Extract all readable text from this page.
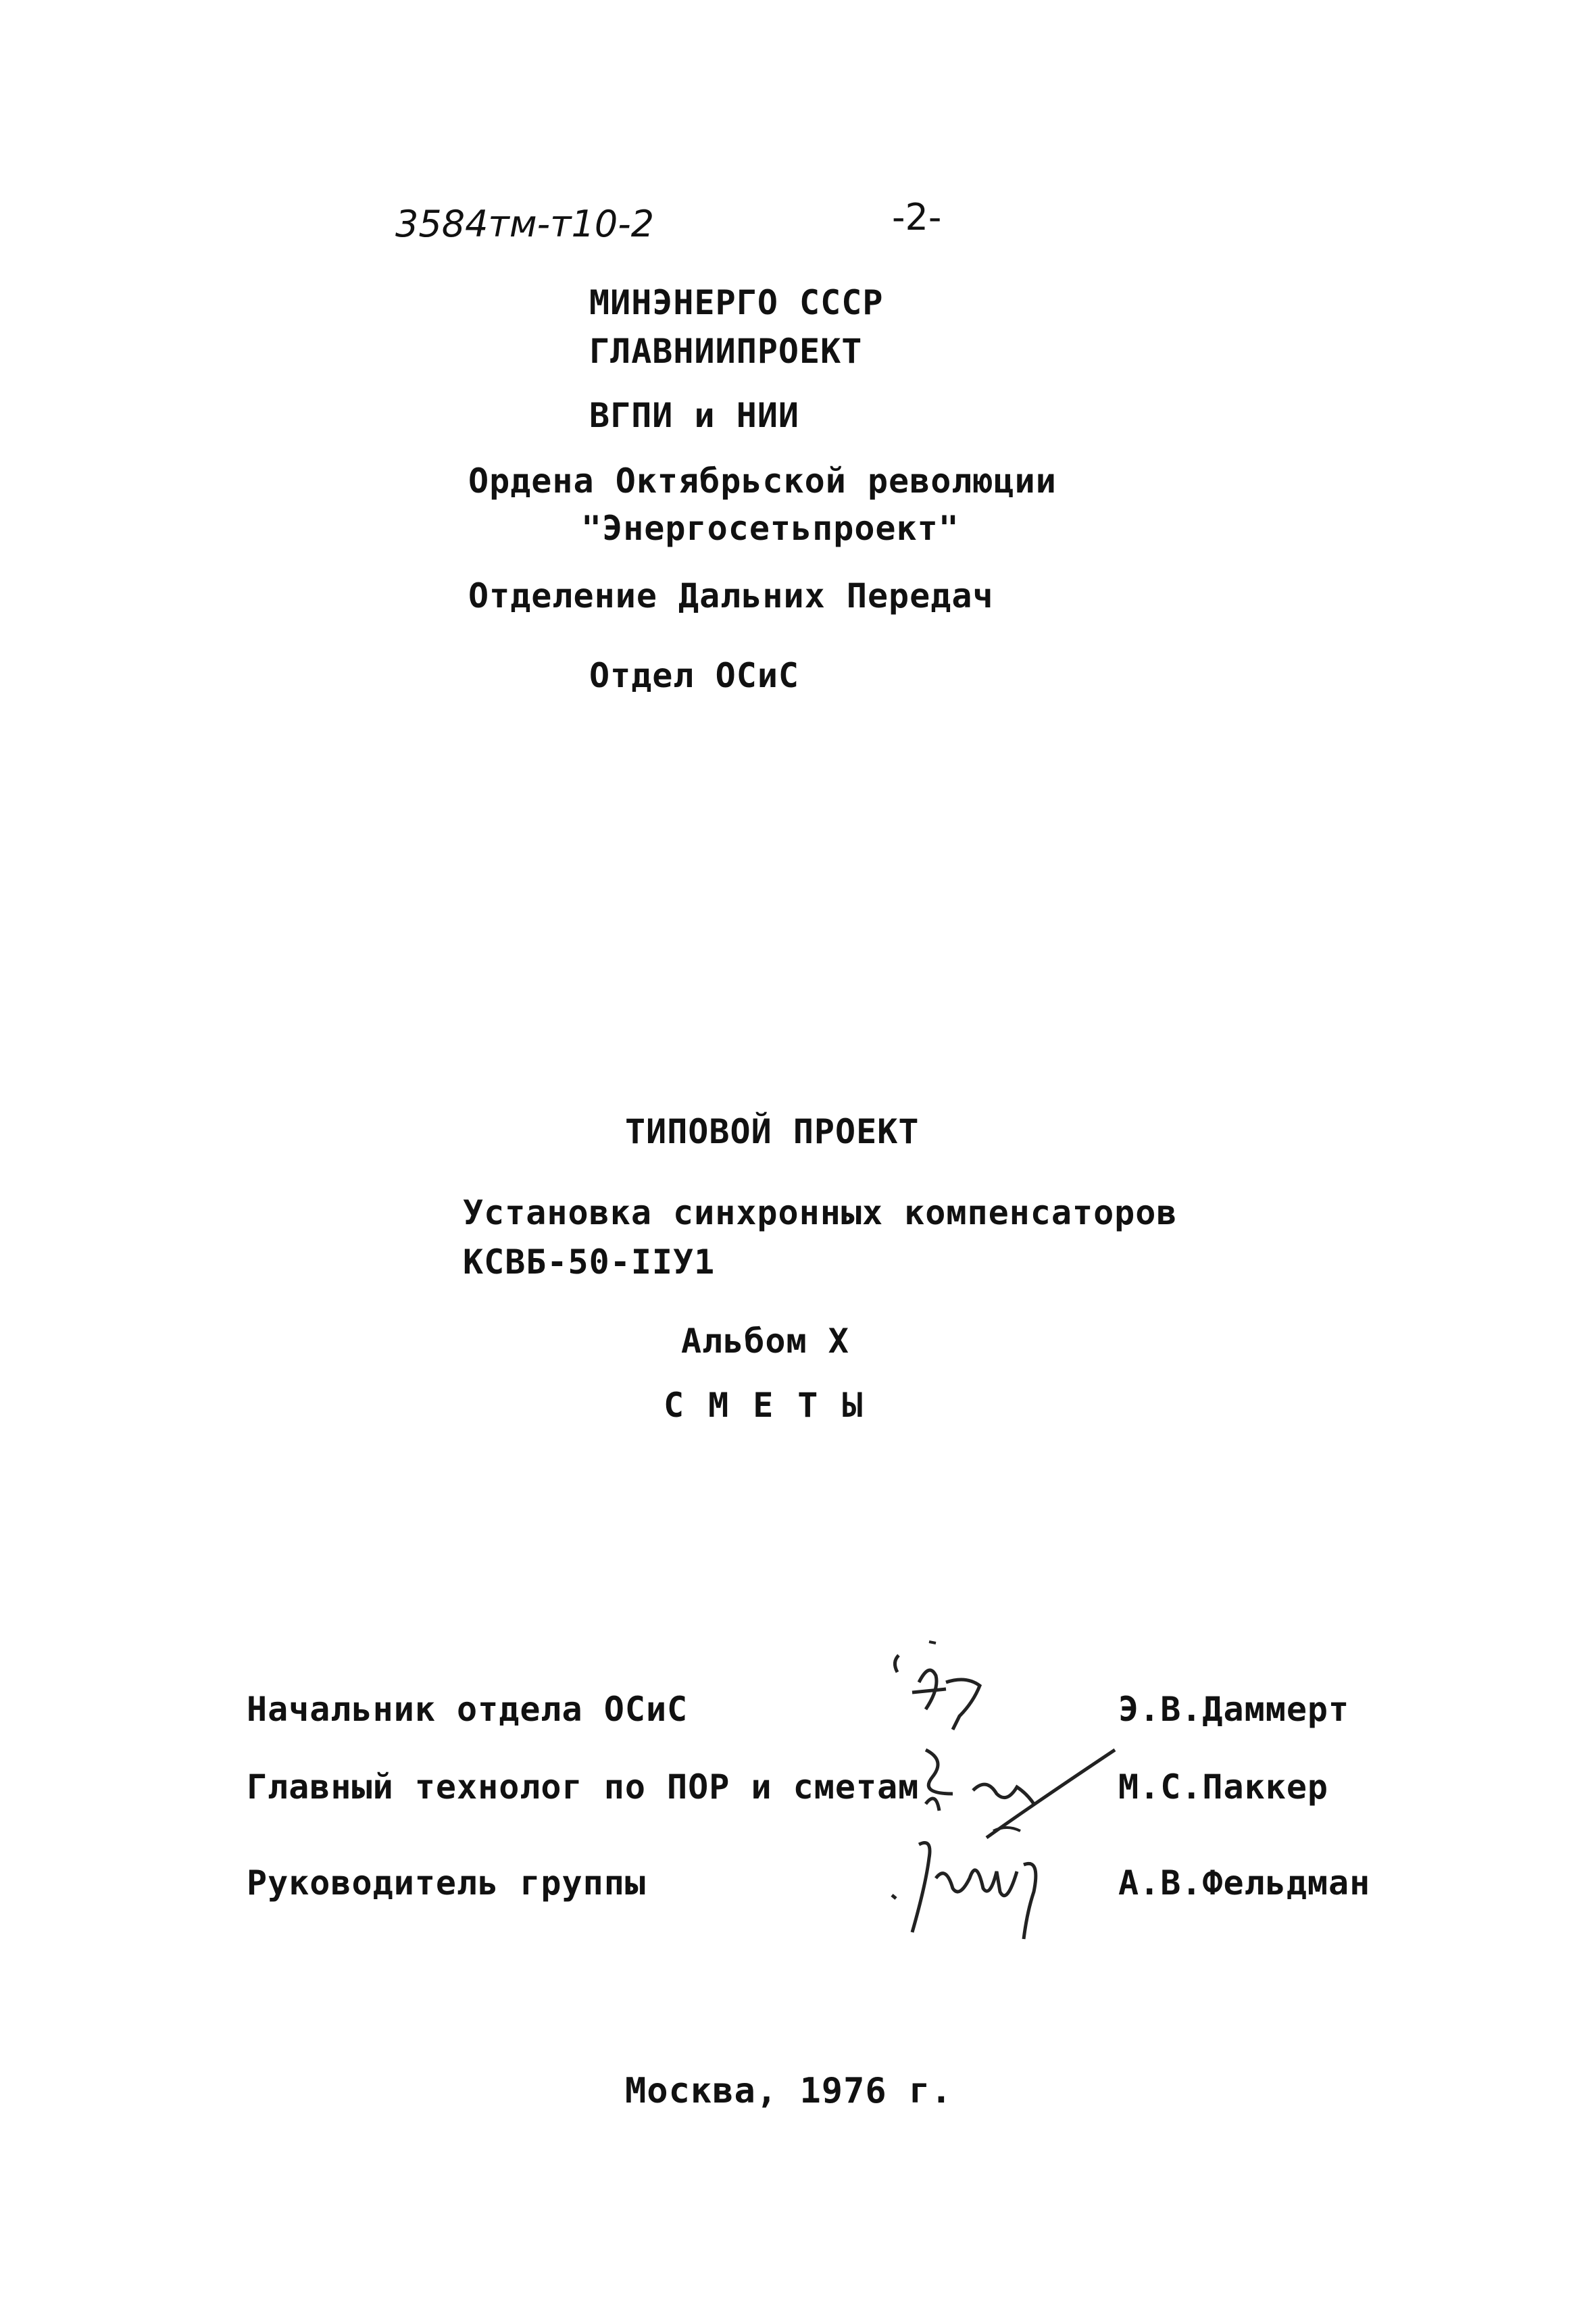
3584тм-т10-2	-2-
МИНЭНЕРГО СССР
ГЛАВНИИПРОЕКТ
ВГПИ и НИИ
Ордена Октябрьской революции
"Энергосетьпроект"
Отделение Дальних Передач
Отдел ОСиС
ТИПОВОЙ ПРОЕКТ
Установка синхронных компенсаторов
КСВБ-50-IIУ1
Альбом X
СМЕТЫ
Начальник отдела ОСиС	Э.В.Даммерт
Главный технолог по ПОР и сметам	М.С.Паккер
Руководитель группы	А.В.Фельдман
Москва, 1976 г.
